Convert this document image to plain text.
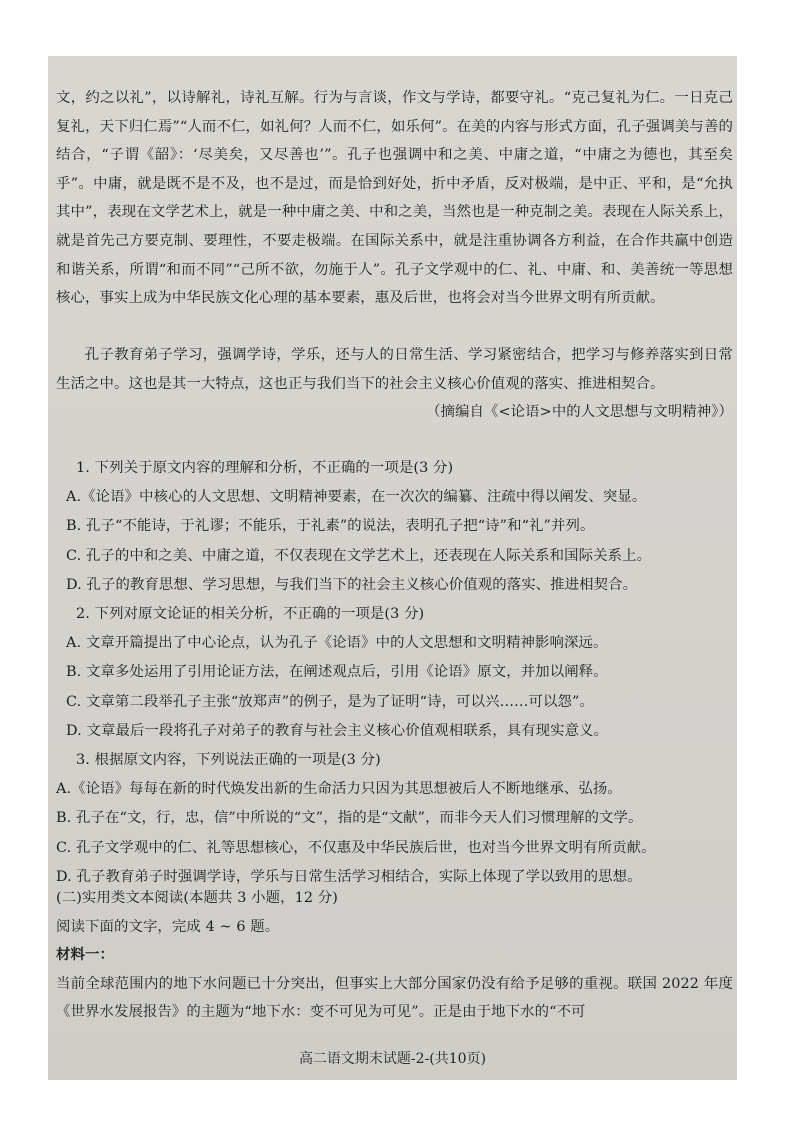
文，约之以礼”，以诗解礼，诗礼互解。行为与言谈，作文与学诗，都要守礼。“克己复礼为仁。一日克己复礼，天下归仁焉”“人而不仁，如礼何？人而不仁，如乐何”。在美的内容与形式方面，孔子强调美与善的结合，“子谓《韶》：‘尽美矣，又尽善也’”。孔子也强调中和之美、中庸之道，“中庸之为德也，其至矣乎”。中庸，就是既不是不及，也不是过，而是恰到好处，折中矛盾，反对极端，是中正、平和，是“允执其中”，表现在文学艺术上，就是一种中庸之美、中和之美，当然也是一种克制之美。表现在人际关系上，就是首先己方要克制、要理性，不要走极端。在国际关系中，就是注重协调各方利益，在合作共赢中创造和谐关系，所谓“和而不同”“己所不欲，勿施于人”。孔子文学观中的仁、礼、中庸、和、美善统一等思想核心，事实上成为中华民族文化心理的基本要素，惠及后世，也将会对当今世界文明有所贡献。

孔子教育弟子学习，强调学诗，学乐，还与人的日常生活、学习紧密结合，把学习与修养落实到日常生活之中。这也是其一大特点，这也正与我们当下的社会主义核心价值观的落实、推进相契合。

（摘编自《<论语>中的人文思想与文明精神》）

1. 下列关于原文内容的理解和分析，不正确的一项是(3 分)

A.《论语》中核心的人文思想、文明精神要素，在一次次的编纂、注疏中得以阐发、突显。

B. 孔子“不能诗，于礼谬；不能乐，于礼素”的说法，表明孔子把“诗”和“礼”并列。

C. 孔子的中和之美、中庸之道，不仅表现在文学艺术上，还表现在人际关系和国际关系上。

D. 孔子的教育思想、学习思想，与我们当下的社会主义核心价值观的落实、推进相契合。

2. 下列对原文论证的相关分析，不正确的一项是(3 分)

A. 文章开篇提出了中心论点，认为孔子《论语》中的人文思想和文明精神影响深远。

B. 文章多处运用了引用论证方法，在阐述观点后，引用《论语》原文，并加以阐释。

C. 文章第二段举孔子主张“放郑声”的例子，是为了证明“诗，可以兴……可以怨”。

D. 文章最后一段将孔子对弟子的教育与社会主义核心价值观相联系，具有现实意义。

3. 根据原文内容，下列说法正确的一项是(3 分)

A.《论语》每每在新的时代焕发出新的生命活力只因为其思想被后人不断地继承、弘扬。

B. 孔子在“文，行，忠，信”中所说的“文”，指的是“文献”，而非今天人们习惯理解的文学。

C. 孔子文学观中的仁、礼等思想核心，不仅惠及中华民族后世，也对当今世界文明有所贡献。

D. 孔子教育弟子时强调学诗，学乐与日常生活学习相结合，实际上体现了学以致用的思想。

(二)实用类文本阅读(本题共 3 小题，12 分)

阅读下面的文字，完成 4 ~ 6 题。

材料一：

当前全球范围内的地下水问题已十分突出，但事实上大部分国家仍没有给予足够的重视。联国 2022 年度《世界水发展报告》的主题为“地下水：变不可见为可见”。正是由于地下水的“不可

高二语文期末试题-2-(共10页)
